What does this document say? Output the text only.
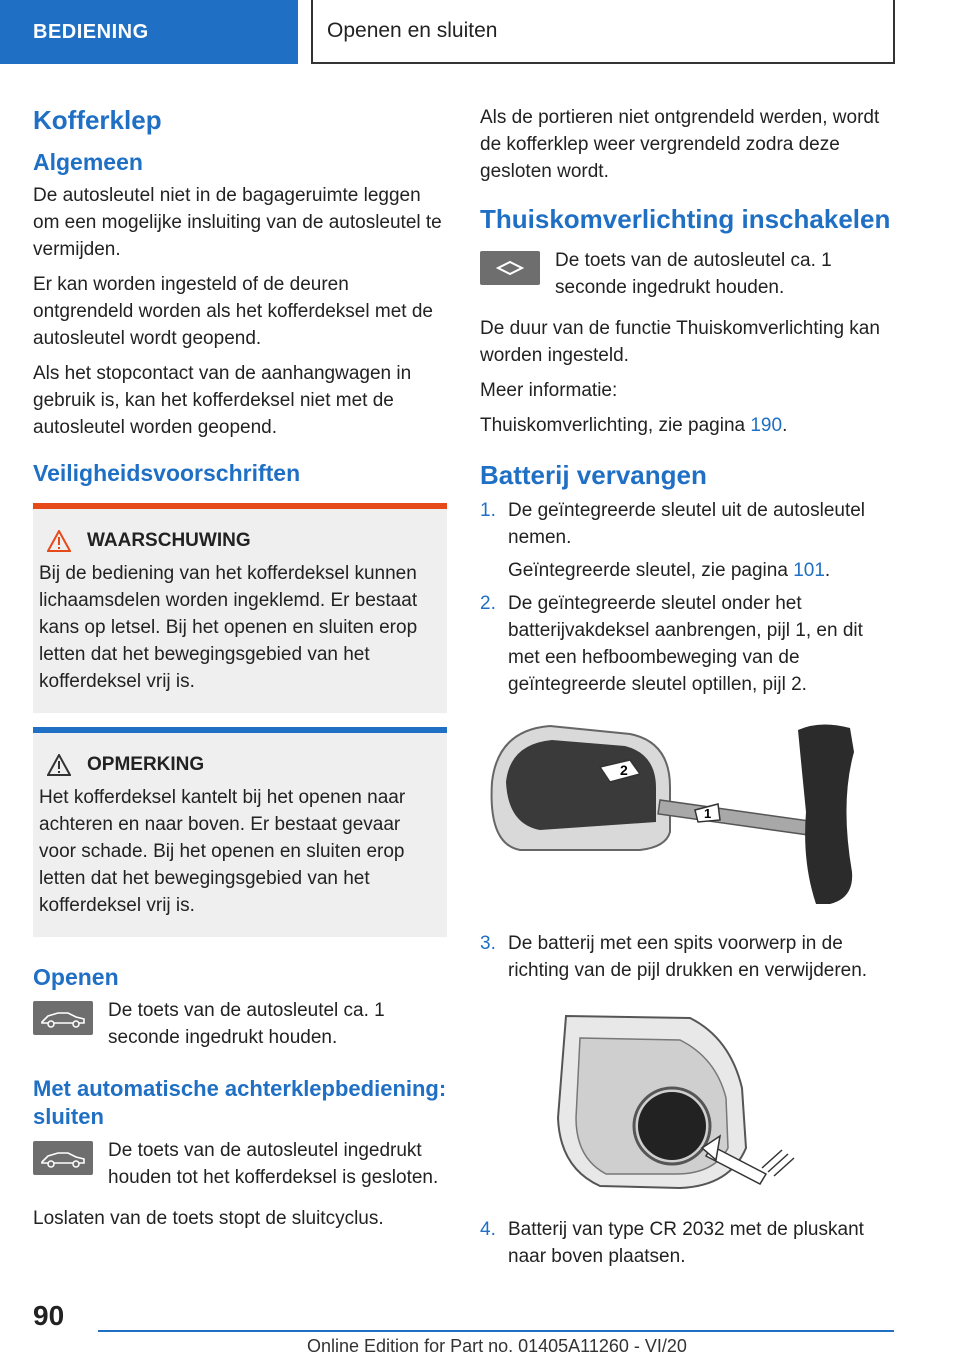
BEDIENING	Openen en sluiten
Kofferklep
Algemeen

De autosleutel niet in de bagageruimte leggen om een mogelijke insluiting van de autosleutel te vermijden.

Er kan worden ingesteld of de deuren ontgrendeld worden als het kofferdeksel met de autosleutel wordt geopend.

Als het stopcontact van de aanhangwagen in gebruik is, kan het kofferdeksel niet met de autosleutel worden geopend.

Veiligheidsvoorschriften
WAARSCHUWING
Bij de bediening van het kofferdeksel kunnen lichaamsdelen worden ingeklemd. Er bestaat kans op letsel. Bij het openen en sluiten erop letten dat het bewegingsgebied van het kofferdeksel vrij is.
OPMERKING
Het kofferdeksel kantelt bij het openen naar achteren en naar boven. Er bestaat gevaar voor schade. Bij het openen en sluiten erop letten dat het bewegingsgebied van het kofferdeksel vrij is.
Openen
De toets van de autosleutel ca. 1 seconde ingedrukt houden.
Met automatische achterklepbediening: sluiten
De toets van de autosleutel ingedrukt houden tot het kofferdeksel is gesloten.

Loslaten van de toets stopt de sluitcyclus.

Als de portieren niet ontgrendeld werden, wordt de kofferklep weer vergrendeld zodra deze gesloten wordt.

Thuiskomverlichting inschakelen
De toets van de autosleutel ca. 1 seconde ingedrukt houden.

De duur van de functie Thuiskomverlichting kan worden ingesteld.

Meer informatie:

Thuiskomverlichting, zie pagina 190.

Batterij vervangen
1. De geïntegreerde sleutel uit de autosleutel nemen.
Geïntegreerde sleutel, zie pagina 101.
2. De geïntegreerde sleutel onder het batterijvakdeksel aanbrengen, pijl 1, en dit met een hefboombeweging van de geïntegreerde sleutel optillen, pijl 2.
2
1
3. De batterij met een spits voorwerp in de richting van de pijl drukken en verwijderen.
4. Batterij van type CR 2032 met de pluskant naar boven plaatsen.
90
Online Edition for Part no. 01405A11260 - VI/20
